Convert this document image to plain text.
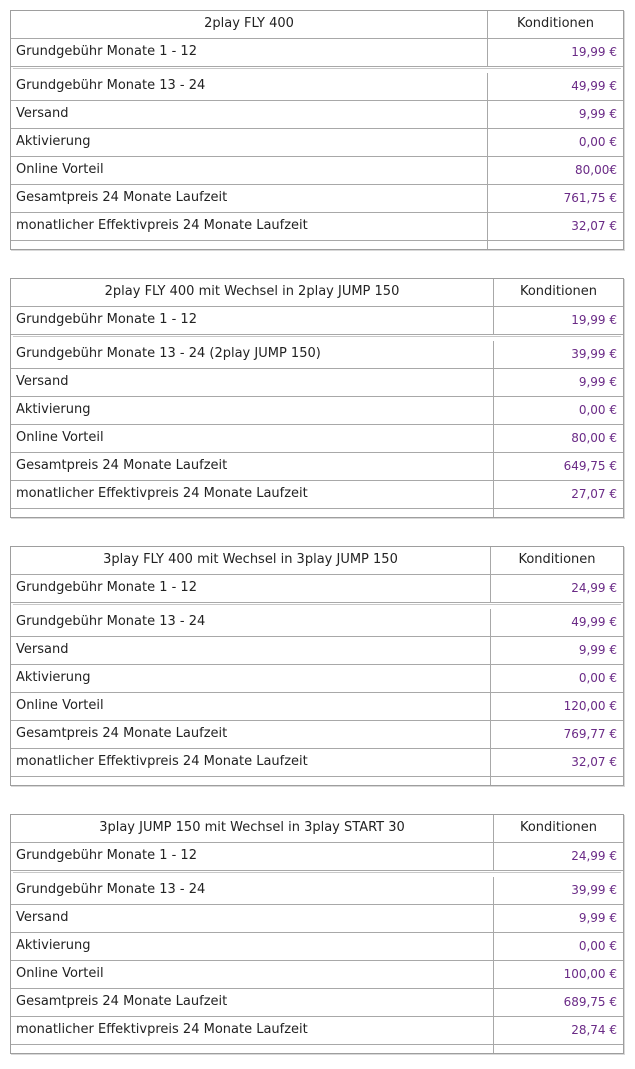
2play FLY 400	Konditionen
Grundgebühr Monate 1 - 12	19,99 €
Grundgebühr Monate 13 - 24	49,99 €
Versand	9,99 €
Aktivierung	0,00 €
Online Vorteil	80,00€
Gesamtpreis 24 Monate Laufzeit	761,75 €
monatlicher Effektivpreis 24 Monate Laufzeit	32,07 €
2play FLY 400 mit Wechsel in 2play JUMP 150	Konditionen
Grundgebühr Monate 1 - 12	19,99 €
Grundgebühr Monate 13 - 24 (2play JUMP 150)	39,99 €
Versand	9,99 €
Aktivierung	0,00 €
Online Vorteil	80,00 €
Gesamtpreis 24 Monate Laufzeit	649,75 €
monatlicher Effektivpreis 24 Monate Laufzeit	27,07 €
3play FLY 400 mit Wechsel in 3play JUMP 150	Konditionen
Grundgebühr Monate 1 - 12	24,99 €
Grundgebühr Monate 13 - 24	49,99 €
Versand	9,99 €
Aktivierung	0,00 €
Online Vorteil	120,00 €
Gesamtpreis 24 Monate Laufzeit	769,77 €
monatlicher Effektivpreis 24 Monate Laufzeit	32,07 €
3play JUMP 150 mit Wechsel in 3play START 30	Konditionen
Grundgebühr Monate 1 - 12	24,99 €
Grundgebühr Monate 13 - 24	39,99 €
Versand	9,99 €
Aktivierung	0,00 €
Online Vorteil	100,00 €
Gesamtpreis 24 Monate Laufzeit	689,75 €
monatlicher Effektivpreis 24 Monate Laufzeit	28,74 €
